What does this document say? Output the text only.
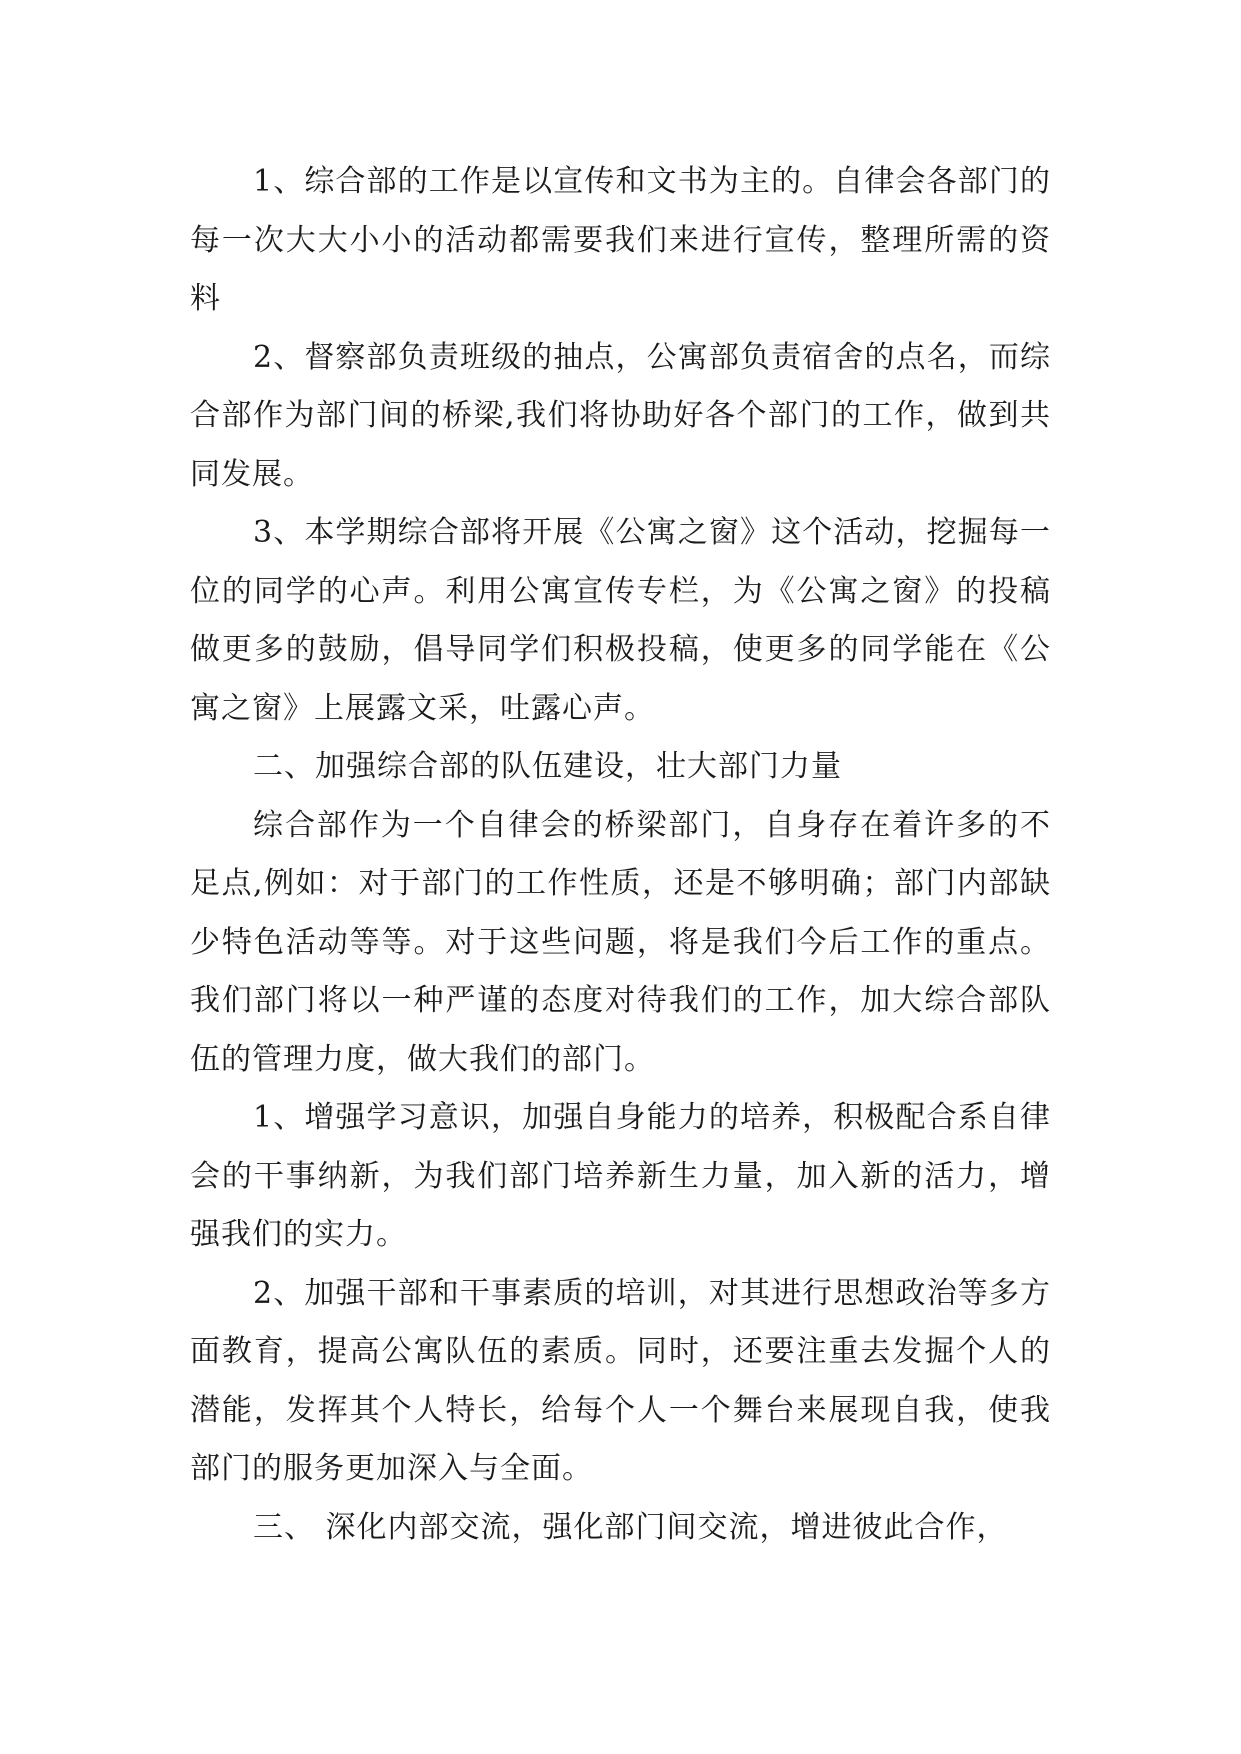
1、综合部的工作是以宣传和文书为主的。自律会各部门的每一次大大小小的活动都需要我们来进行宣传，整理所需的资料

2、督察部负责班级的抽点，公寓部负责宿舍的点名，而综合部作为部门间的桥梁,我们将协助好各个部门的工作，做到共同发展。

3、本学期综合部将开展《公寓之窗》这个活动，挖掘每一位的同学的心声。利用公寓宣传专栏，为《公寓之窗》的投稿做更多的鼓励，倡导同学们积极投稿，使更多的同学能在《公寓之窗》上展露文采，吐露心声。

二、加强综合部的队伍建设，壮大部门力量

综合部作为一个自律会的桥梁部门，自身存在着许多的不足点,例如：对于部门的工作性质，还是不够明确；部门内部缺少特色活动等等。对于这些问题，将是我们今后工作的重点。我们部门将以一种严谨的态度对待我们的工作，加大综合部队伍的管理力度，做大我们的部门。

1、增强学习意识，加强自身能力的培养，积极配合系自律会的干事纳新，为我们部门培养新生力量，加入新的活力，增强我们的实力。

2、加强干部和干事素质的培训，对其进行思想政治等多方面教育，提高公寓队伍的素质。同时，还要注重去发掘个人的潜能，发挥其个人特长，给每个人一个舞台来展现自我，使我部门的服务更加深入与全面。

三、 深化内部交流，强化部门间交流，增进彼此合作，
